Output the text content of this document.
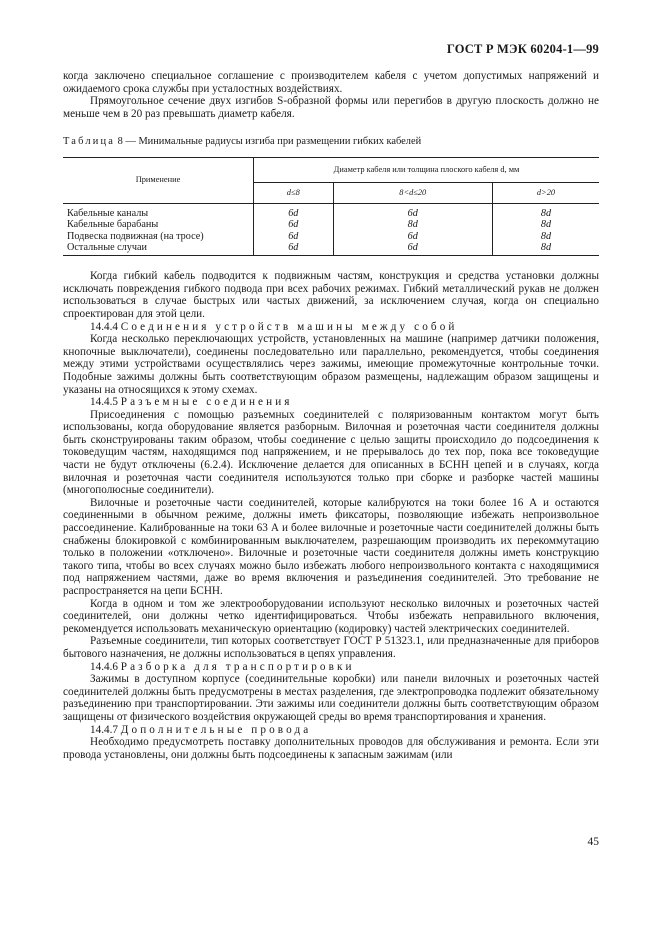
ГОСТ Р МЭК 60204-1—99

когда заключено специальное соглашение с производителем кабеля с учетом допустимых напряжений и ожидаемого срока службы при усталостных воздействиях.

Прямоугольное сечение двух изгибов S-образной формы или перегибов в другую плоскость должно не меньше чем в 20 раз превышать диаметр кабеля.

Таблица 8 — Минимальные радиусы изгиба при размещении гибких кабелей

Применение	Диаметр кабеля или толщина плоского кабеля d, мм		
	d≤8	8<d≤20	d>20
Кабельные каналы	6d	6d	8d
Кабельные барабаны	6d	8d	8d
Подвеска подвижная (на тросе)	6d	6d	8d
Остальные случаи	6d	6d	8d

Когда гибкий кабель подводится к подвижным частям, конструкция и средства установки должны исключать повреждения гибкого подвода при всех рабочих режимах. Гибкий металлический рукав не должен использоваться в случае быстрых или частых движений, за исключением случая, когда он специально спроектирован для этой цели.

14.4.4 Соединения устройств машины между собой

Когда несколько переключающих устройств, установленных на машине (например датчики положения, кнопочные выключатели), соединены последовательно или параллельно, рекомендуется, чтобы соединения между этими устройствами осуществлялись через зажимы, имеющие промежуточные контрольные точки. Подобные зажимы должны быть соответствующим образом размещены, надлежащим образом защищены и указаны на относящихся к этому схемах.

14.4.5 Разъемные соединения

Присоединения с помощью разъемных соединителей с поляризованным контактом могут быть использованы, когда оборудование является разборным. Вилочная и розеточная части соединителя должны быть сконструированы таким образом, чтобы соединение с целью защиты происходило до подсоединения к токоведущим частям, находящимся под напряжением, и не прерывалось до тех пор, пока все токоведущие части не будут отключены (6.2.4). Исключение делается для описанных в БСНН цепей и в случаях, когда вилочная и розеточная части соединителя используются только при сборке и разборке частей машины (многополюсные соединители).

Вилочные и розеточные части соединителей, которые калибруются на токи более 16 А и остаются соединенными в обычном режиме, должны иметь фиксаторы, позволяющие избежать непроизвольное рассоединение. Калиброванные на токи 63 А и более вилочные и розеточные части соединителей должны быть снабжены блокировкой с комбинированным выключателем, разрешающим производить их перекоммутацию только в положении «отключено». Вилочные и розеточные части соединителя должны иметь конструкцию такого типа, чтобы во всех случаях можно было избежать любого непроизвольного контакта с находящимися под напряжением частями, даже во время включения и разъединения соединителей. Это требование не распространяется на цепи БСНН.

Когда в одном и том же электрооборудовании используют несколько вилочных и розеточных частей соединителей, они должны четко идентифицироваться. Чтобы избежать неправильного включения, рекомендуется использовать механическую ориентацию (кодировку) частей электрических соединителей.

Разъемные соединители, тип которых соответствует ГОСТ Р 51323.1, или предназначенные для приборов бытового назначения, не должны использоваться в цепях управления.

14.4.6 Разборка для транспортировки

Зажимы в доступном корпусе (соединительные коробки) или панели вилочных и розеточных частей соединителей должны быть предусмотрены в местах разделения, где электропроводка подлежит обязательному разъединению при транспортировании. Эти зажимы или соединители должны быть соответствующим образом защищены от физического воздействия окружающей среды во время транспортирования и хранения.

14.4.7 Дополнительные провода

Необходимо предусмотреть поставку дополнительных проводов для обслуживания и ремонта. Если эти провода установлены, они должны быть подсоединены к запасным зажимам (или

45
